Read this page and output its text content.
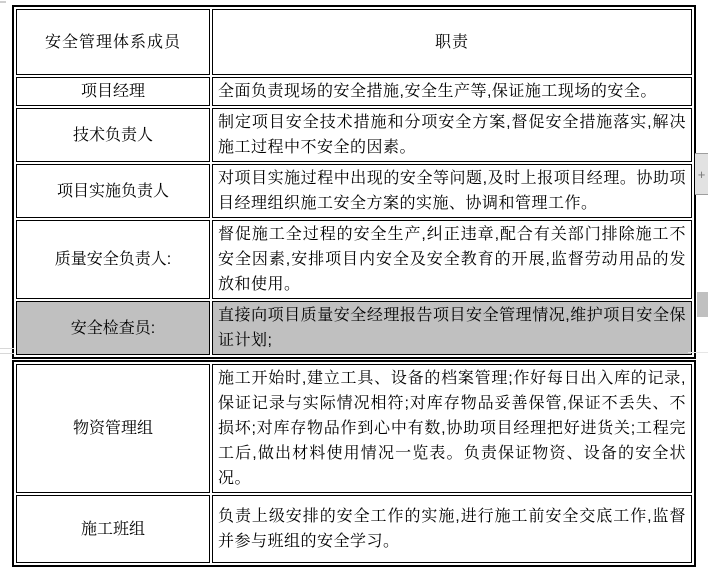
安全管理体系成员	职责
项目经理	全面负责现场的安全措施,安全生产等,保证施工现场的安全。
技术负责人	制定项目安全技术措施和分项安全方案,督促安全措施落实,解决施工过程中不安全的因素。
项目实施负责人	对项目实施过程中出现的安全等问题,及时上报项目经理。协助项目经理组织施工安全方案的实施、协调和管理工作。
质量安全负责人:	督促施工全过程的安全生产,纠正违章,配合有关部门排除施工不安全因素,安排项目内安全及安全教育的开展,监督劳动用品的发放和使用。
安全检查员:	直接向项目质量安全经理报告项目安全管理情况,维护项目安全保证计划;
物资管理组	施工开始时,建立工具、设备的档案管理;作好每日出入库的记录,保证记录与实际情况相符;对库存物品妥善保管,保证不丢失、不损坏;对库存物品作到心中有数,协助项目经理把好进货关;工程完工后,做出材料使用情况一览表。负责保证物资、设备的安全状况。
施工班组	负责上级安排的安全工作的实施,进行施工前安全交底工作,监督并参与班组的安全学习。
+
